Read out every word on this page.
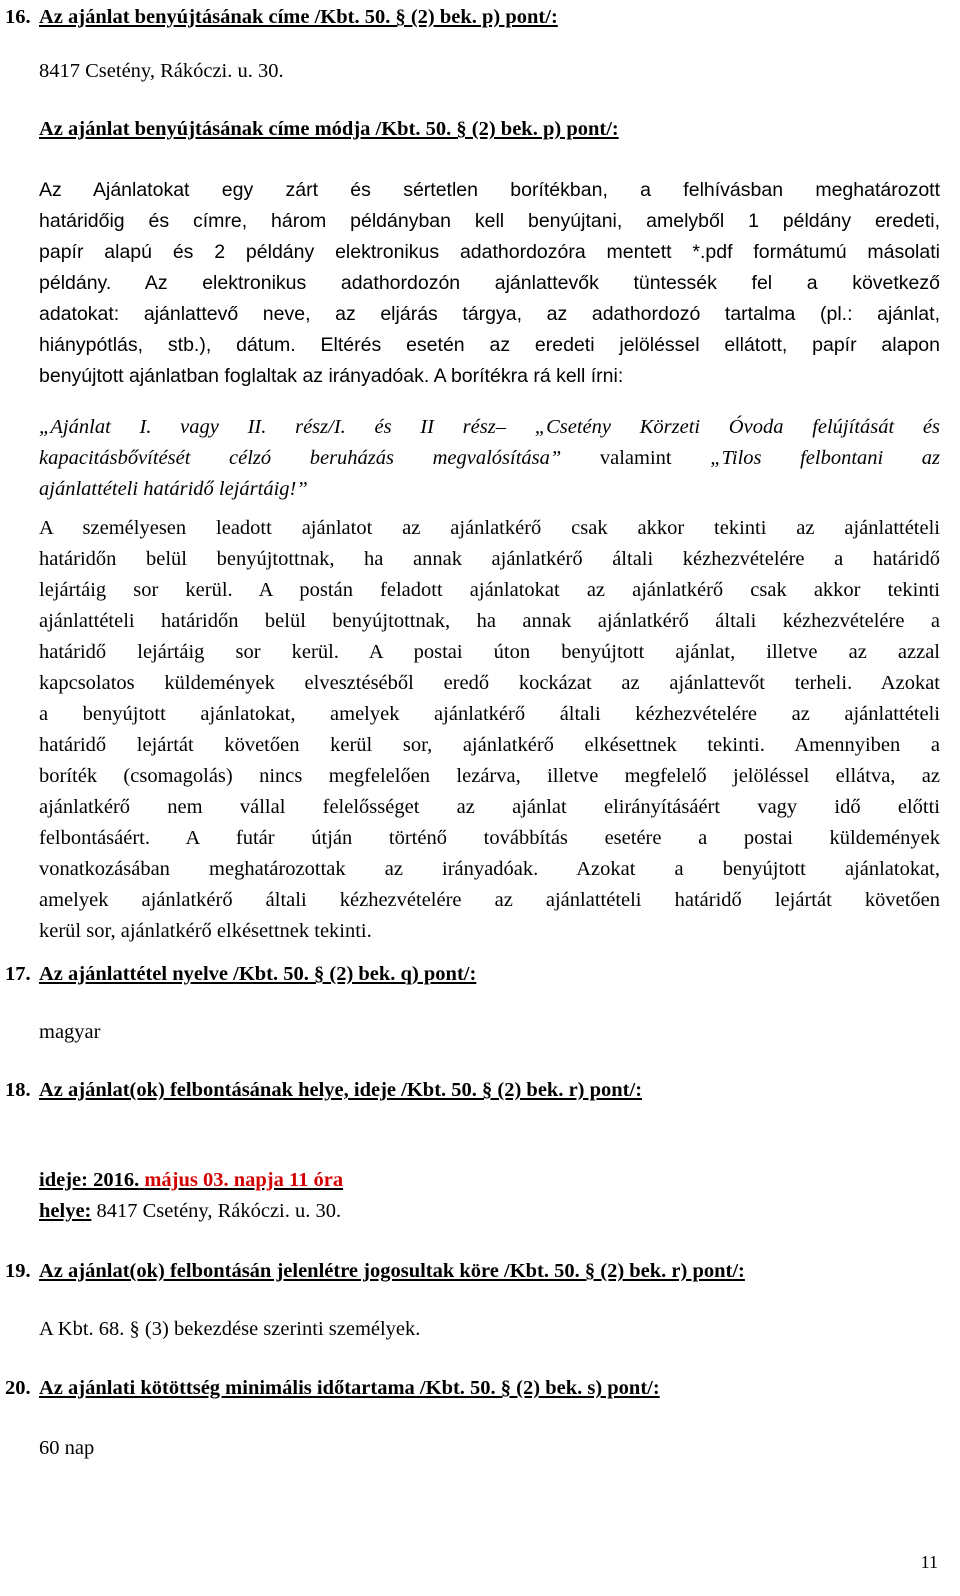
16. Az ajánlat benyújtásának címe /Kbt. 50. § (2) bek. p) pont/:
8417 Csetény, Rákóczi. u. 30.
Az ajánlat benyújtásának címe módja /Kbt. 50. § (2) bek. p) pont/:
Az Ajánlatokat egy zárt és sértetlen borítékban, a felhívásban meghatározott
határidőig és címre, három példányban kell benyújtani, amelyből 1 példány eredeti,
papír alapú és 2 példány elektronikus adathordozóra mentett *.pdf formátumú másolati
példány. Az elektronikus adathordozón ajánlattevők tüntessék fel a következő
adatokat: ajánlattevő neve, az eljárás tárgya, az adathordozó tartalma (pl.: ajánlat,
hiánypótlás, stb.), dátum. Eltérés esetén az eredeti jelöléssel ellátott, papír alapon
benyújtott ajánlatban foglaltak az irányadóak. A borítékra rá kell írni:
„Ajánlat I. vagy II. rész/I. és II rész– „Csetény Körzeti Óvoda felújítását és
kapacitásbővítését célzó beruházás megvalósítása” valamint „Tilos felbontani az
ajánlattételi határidő lejártáig!”
A személyesen leadott ajánlatot az ajánlatkérő csak akkor tekinti az ajánlattételi
határidőn belül benyújtottnak, ha annak ajánlatkérő általi kézhezvételére a határidő
lejártáig sor kerül. A postán feladott ajánlatokat az ajánlatkérő csak akkor tekinti
ajánlattételi határidőn belül benyújtottnak, ha annak ajánlatkérő általi kézhezvételére a
határidő lejártáig sor kerül. A postai úton benyújtott ajánlat, illetve az azzal
kapcsolatos küldemények elvesztéséből eredő kockázat az ajánlattevőt terheli. Azokat
a benyújtott ajánlatokat, amelyek ajánlatkérő általi kézhezvételére az ajánlattételi
határidő lejártát követően kerül sor, ajánlatkérő elkésettnek tekinti. Amennyiben a
boríték (csomagolás) nincs megfelelően lezárva, illetve megfelelő jelöléssel ellátva, az
ajánlatkérő nem vállal felelősséget az ajánlat elirányításáért vagy idő előtti
felbontásáért. A futár útján történő továbbítás esetére a postai küldemények
vonatkozásában meghatározottak az irányadóak. Azokat a benyújtott ajánlatokat,
amelyek ajánlatkérő általi kézhezvételére az ajánlattételi határidő lejártát követően
kerül sor, ajánlatkérő elkésettnek tekinti.
17. Az ajánlattétel nyelve /Kbt. 50. § (2) bek. q) pont/:
magyar
18. Az ajánlat(ok) felbontásának helye, ideje /Kbt. 50. § (2) bek. r) pont/:
ideje: 2016. május 03. napja 11 óra
helye: 8417 Csetény, Rákóczi. u. 30.
19. Az ajánlat(ok) felbontásán jelenlétre jogosultak köre /Kbt. 50. § (2) bek. r) pont/:
A Kbt. 68. § (3) bekezdése szerinti személyek.
20. Az ajánlati kötöttség minimális időtartama /Kbt. 50. § (2) bek. s) pont/:
60 nap
11
